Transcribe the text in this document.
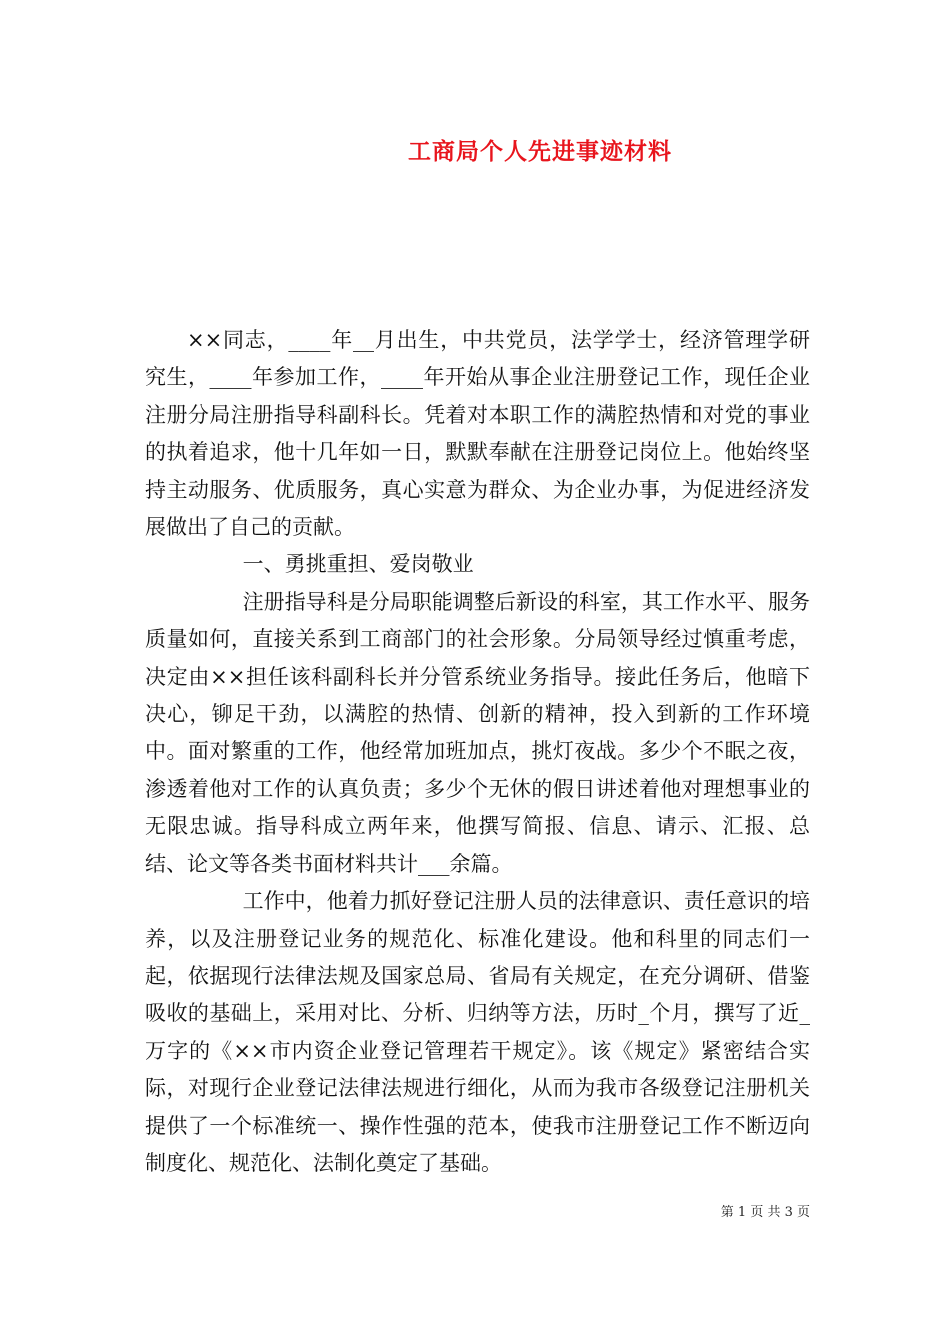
工商局个人先进事迹材料

××同志，____年__月出生，中共党员，法学学士，经济管理学研究生，____年参加工作，____年开始从事企业注册登记工作，现任企业注册分局注册指导科副科长。凭着对本职工作的满腔热情和对党的事业的执着追求，他十几年如一日，默默奉献在注册登记岗位上。他始终坚持主动服务、优质服务，真心实意为群众、为企业办事，为促进经济发展做出了自己的贡献。

一、勇挑重担、爱岗敬业

注册指导科是分局职能调整后新设的科室，其工作水平、服务质量如何，直接关系到工商部门的社会形象。分局领导经过慎重考虑，决定由××担任该科副科长并分管系统业务指导。接此任务后，他暗下决心，铆足干劲，以满腔的热情、创新的精神，投入到新的工作环境中。面对繁重的工作，他经常加班加点，挑灯夜战。多少个不眠之夜，渗透着他对工作的认真负责；多少个无休的假日讲述着他对理想事业的无限忠诚。指导科成立两年来，他撰写简报、信息、请示、汇报、总结、论文等各类书面材料共计___余篇。

工作中，他着力抓好登记注册人员的法律意识、责任意识的培养，以及注册登记业务的规范化、标准化建设。他和科里的同志们一起，依据现行法律法规及国家总局、省局有关规定，在充分调研、借鉴吸收的基础上，采用对比、分析、归纳等方法，历时_个月，撰写了近_万字的《××市内资企业登记管理若干规定》。该《规定》紧密结合实际，对现行企业登记法律法规进行细化，从而为我市各级登记注册机关提供了一个标准统一、操作性强的范本，使我市注册登记工作不断迈向制度化、规范化、法制化奠定了基础。

第 1 页 共 3 页
